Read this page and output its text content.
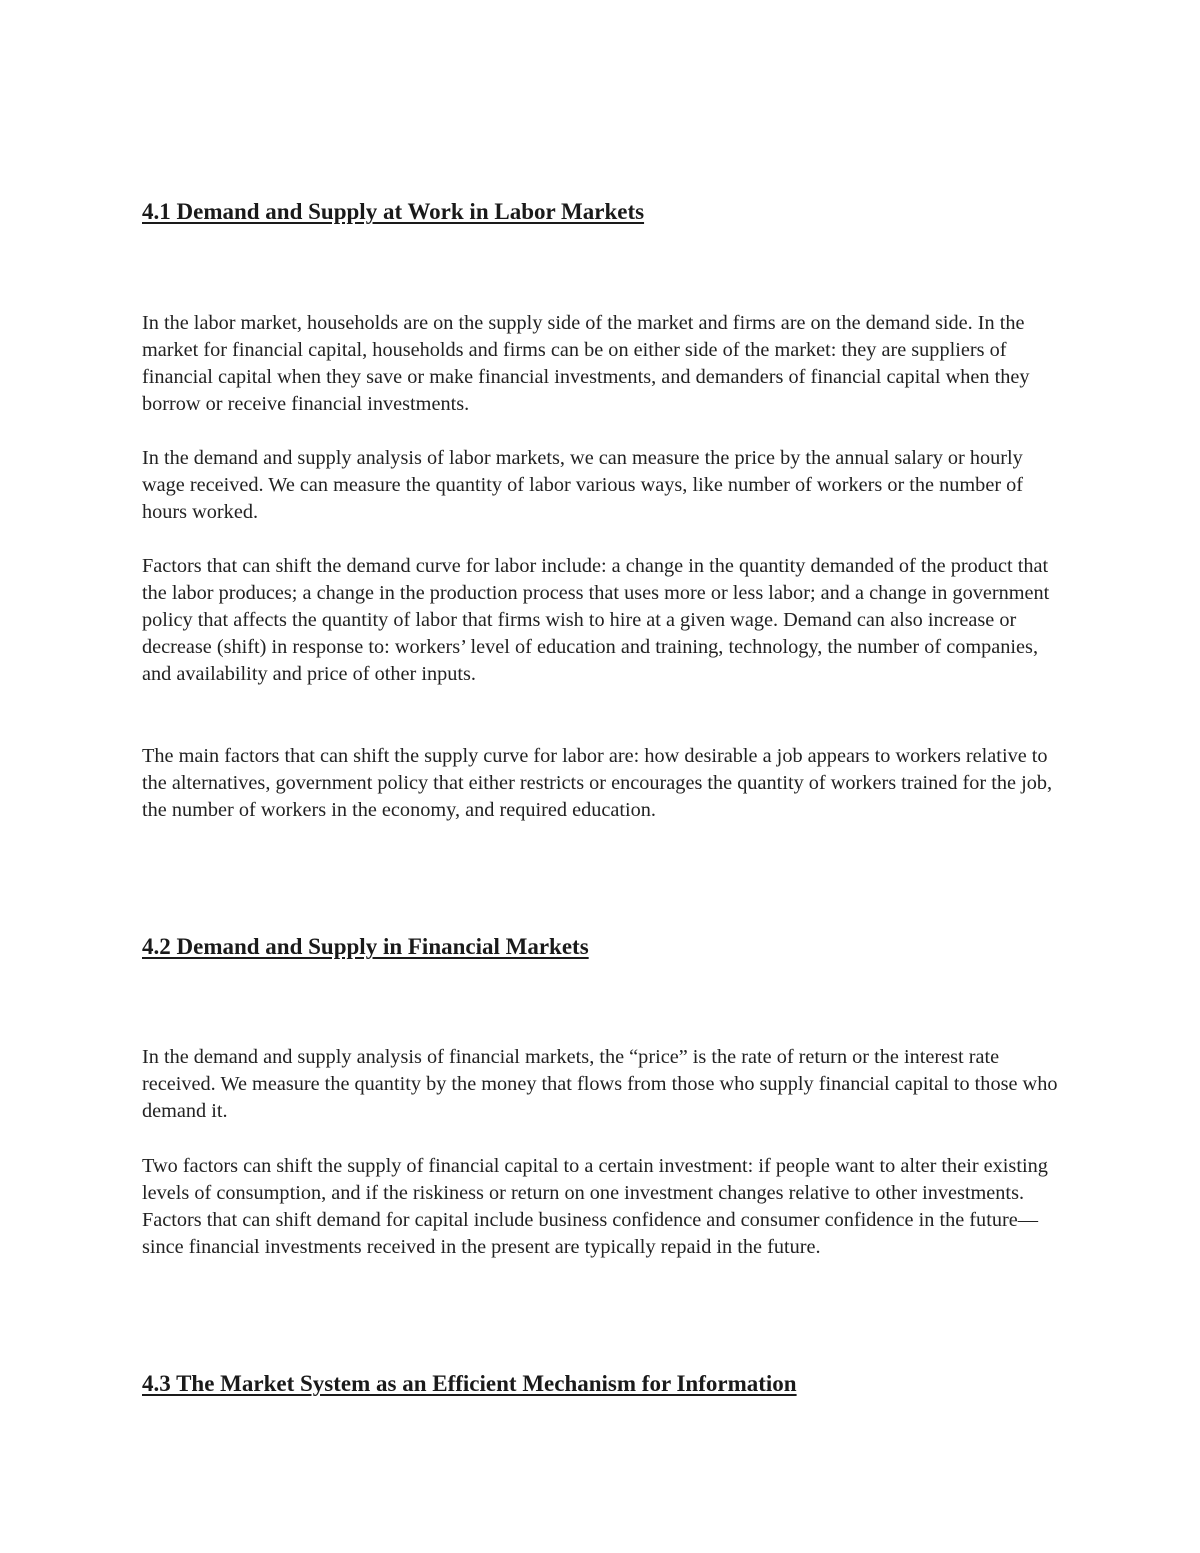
4.1 Demand and Supply at Work in Labor Markets

In the labor market, households are on the supply side of the market and firms are on the demand side. In the market for financial capital, households and firms can be on either side of the market: they are suppliers of financial capital when they save or make financial investments, and demanders of financial capital when they borrow or receive financial investments.

In the demand and supply analysis of labor markets, we can measure the price by the annual salary or hourly wage received. We can measure the quantity of labor various ways, like number of workers or the number of hours worked.

Factors that can shift the demand curve for labor include: a change in the quantity demanded of the product that the labor produces; a change in the production process that uses more or less labor; and a change in government policy that affects the quantity of labor that firms wish to hire at a given wage. Demand can also increase or decrease (shift) in response to: workers’ level of education and training, technology, the number of companies, and availability and price of other inputs.

The main factors that can shift the supply curve for labor are: how desirable a job appears to workers relative to the alternatives, government policy that either restricts or encourages the quantity of workers trained for the job, the number of workers in the economy, and required education.

4.2 Demand and Supply in Financial Markets

In the demand and supply analysis of financial markets, the “price” is the rate of return or the interest rate received. We measure the quantity by the money that flows from those who supply financial capital to those who demand it.

Two factors can shift the supply of financial capital to a certain investment: if people want to alter their existing levels of consumption, and if the riskiness or return on one investment changes relative to other investments. Factors that can shift demand for capital include business confidence and consumer confidence in the future—since financial investments received in the present are typically repaid in the future.

4.3 The Market System as an Efficient Mechanism for Information
